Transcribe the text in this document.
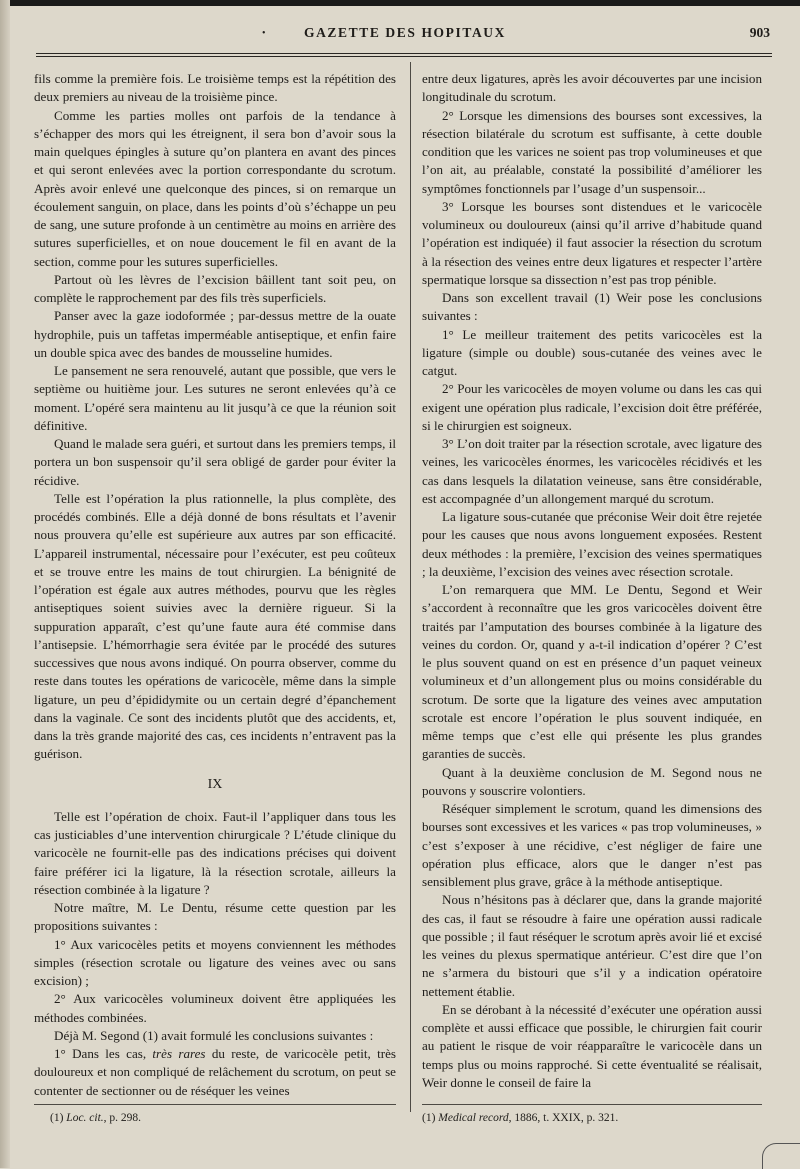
GAZETTE DES HOPITAUX	903
•

fils comme la première fois. Le troisième temps est la répétition des deux premiers au niveau de la troisième pince.

Comme les parties molles ont parfois de la tendance à s’échapper des mors qui les étreignent, il sera bon d’avoir sous la main quelques épingles à suture qu’on plantera en avant des pinces et qui seront enlevées avec la portion correspondante du scrotum. Après avoir enlevé une quelconque des pinces, si on remarque un écoulement sanguin, on place, dans les points d’où s’échappe un peu de sang, une suture profonde à un centimètre au moins en arrière des sutures superficielles, et on noue doucement le fil en avant de la section, comme pour les sutures superficielles.

Partout où les lèvres de l’excision bâillent tant soit peu, on complète le rapprochement par des fils très superficiels.

Panser avec la gaze iodoformée ; par-dessus mettre de la ouate hydrophile, puis un taffetas imperméable antiseptique, et enfin faire un double spica avec des bandes de mousseline humides.

Le pansement ne sera renouvelé, autant que possible, que vers le septième ou huitième jour. Les sutures ne seront enlevées qu’à ce moment. L’opéré sera maintenu au lit jusqu’à ce que la réunion soit définitive.

Quand le malade sera guéri, et surtout dans les premiers temps, il portera un bon suspensoir qu’il sera obligé de garder pour éviter la récidive.

Telle est l’opération la plus rationnelle, la plus complète, des procédés combinés. Elle a déjà donné de bons résultats et l’avenir nous prouvera qu’elle est supérieure aux autres par son efficacité. L’appareil instrumental, nécessaire pour l’exécuter, est peu coûteux et se trouve entre les mains de tout chirurgien. La bénignité de l’opération est égale aux autres méthodes, pourvu que les règles antiseptiques soient suivies avec la dernière rigueur. Si la suppuration apparaît, c’est qu’une faute aura été commise dans l’antisepsie. L’hémorrhagie sera évitée par le procédé des sutures successives que nous avons indiqué. On pourra observer, comme du reste dans toutes les opérations de varicocèle, même dans la simple ligature, un peu d’épididymite ou un certain degré d’épanchement dans la vaginale. Ce sont des incidents plutôt que des accidents, et, dans la très grande majorité des cas, ces incidents n’entravent pas la guérison.

IX

Telle est l’opération de choix. Faut-il l’appliquer dans tous les cas justiciables d’une intervention chirurgicale ? L’étude clinique du varicocèle ne fournit-elle pas des indications précises qui doivent faire préférer ici la ligature, là la résection scrotale, ailleurs la résection combinée à la ligature ?

Notre maître, M. Le Dentu, résume cette question par les propositions suivantes :

1° Aux varicocèles petits et moyens conviennent les méthodes simples (résection scrotale ou ligature des veines avec ou sans excision) ;

2° Aux varicocèles volumineux doivent être appliquées les méthodes combinées.

Déjà M. Segond (1) avait formulé les conclusions suivantes :

1° Dans les cas, très rares du reste, de varicocèle petit, très douloureux et non compliqué de relâchement du scrotum, on peut se contenter de sectionner ou de réséquer les veines

entre deux ligatures, après les avoir découvertes par une incision longitudinale du scrotum.

2° Lorsque les dimensions des bourses sont excessives, la résection bilatérale du scrotum est suffisante, à cette double condition que les varices ne soient pas trop volumineuses et que l’on ait, au préalable, constaté la possibilité d’améliorer les symptômes fonctionnels par l’usage d’un suspensoir...

3° Lorsque les bourses sont distendues et le varicocèle volumineux ou douloureux (ainsi qu’il arrive d’habitude quand l’opération est indiquée) il faut associer la résection du scrotum à la résection des veines entre deux ligatures et respecter l’artère spermatique lorsque sa dissection n’est pas trop pénible.

Dans son excellent travail (1) Weir pose les conclusions suivantes :

1° Le meilleur traitement des petits varicocèles est la ligature (simple ou double) sous-cutanée des veines avec le catgut.

2° Pour les varicocèles de moyen volume ou dans les cas qui exigent une opération plus radicale, l’excision doit être préférée, si le chirurgien est soigneux.

3° L’on doit traiter par la résection scrotale, avec ligature des veines, les varicocèles énormes, les varicocèles récidivés et les cas dans lesquels la dilatation veineuse, sans être considérable, est accompagnée d’un allongement marqué du scrotum.

La ligature sous-cutanée que préconise Weir doit être rejetée pour les causes que nous avons longuement exposées. Restent deux méthodes : la première, l’excision des veines spermatiques ; la deuxième, l’excision des veines avec résection scrotale.

L’on remarquera que MM. Le Dentu, Segond et Weir s’accordent à reconnaître que les gros varicocèles doivent être traités par l’amputation des bourses combinée à la ligature des veines du cordon. Or, quand y a-t-il indication d’opérer ? C’est le plus souvent quand on est en présence d’un paquet veineux volumineux et d’un allongement plus ou moins considérable du scrotum. De sorte que la ligature des veines avec amputation scrotale est encore l’opération le plus souvent indiquée, en même temps que c’est elle qui présente les plus grandes garanties de succès.

Quant à la deuxième conclusion de M. Segond nous ne pouvons y souscrire volontiers.

Réséquer simplement le scrotum, quand les dimensions des bourses sont excessives et les varices « pas trop volumineuses, » c’est s’exposer à une récidive, c’est négliger de faire une opération plus efficace, alors que le danger n’est pas sensiblement plus grave, grâce à la méthode antiseptique.

Nous n’hésitons pas à déclarer que, dans la grande majorité des cas, il faut se résoudre à faire une opération aussi radicale que possible ; il faut réséquer le scrotum après avoir lié et excisé les veines du plexus spermatique antérieur. C’est dire que l’on ne s’armera du bistouri que s’il y a indication opératoire nettement établie.

En se dérobant à la nécessité d’exécuter une opération aussi complète et aussi efficace que possible, le chirurgien fait courir au patient le risque de voir réapparaître le varicocèle dans un temps plus ou moins rapproché. Si cette éventualité se réalisait, Weir donne le conseil de faire la

(1) Loc. cit., p. 298.	(1) Medical record, 1886, t. XXIX, p. 321.
